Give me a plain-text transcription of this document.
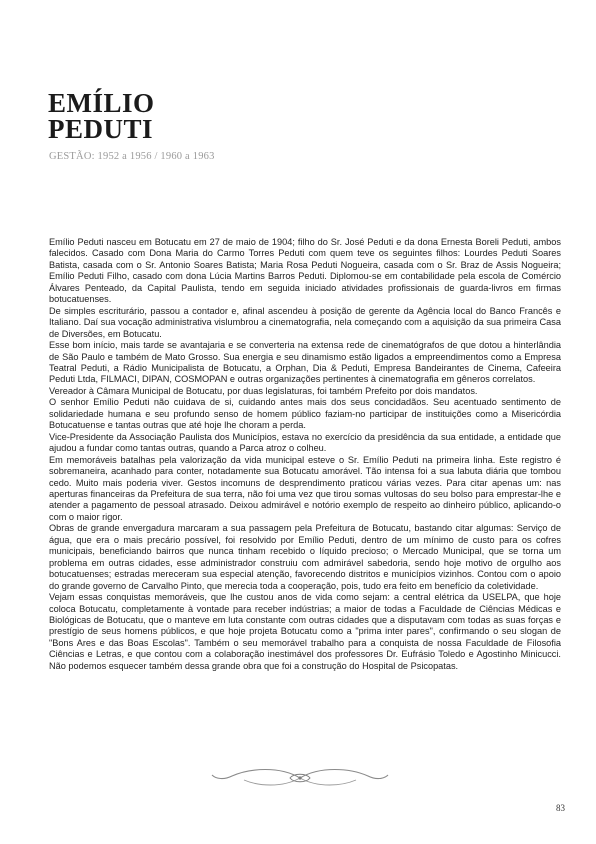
EMÍLIO
PEDUTI
GESTÃO: 1952 a 1956 / 1960 a 1963

Emílio Peduti nasceu em Botucatu em 27 de maio de 1904; filho do Sr. José Peduti e da dona Ernesta Boreli Peduti, ambos falecidos. Casado com Dona Maria do Carmo Torres Peduti com quem teve os seguintes filhos: Lourdes Peduti Soares Batista, casada com o Sr. Antonio Soares Batista; Maria Rosa Peduti Nogueira, casada com o Sr. Braz de Assis Nogueira; Emílio Peduti Filho, casado com dona Lúcia Martins Barros Peduti. Diplomou-se em contabilidade pela escola de Comércio Álvares Penteado, da Capital Paulista, tendo em seguida iniciado atividades profissionais de guarda-livros em firmas botucatuenses.

De simples escriturário, passou a contador e, afinal ascendeu à posição de gerente da Agência local do Banco Francês e Italiano. Daí sua vocação administrativa vislumbrou a cinematografia, nela começando com a aquisição da sua primeira Casa de Diversões, em Botucatu.

Esse bom início, mais tarde se avantajaria e se converteria na extensa rede de cinematógrafos de que dotou a hinterlândia de São Paulo e também de Mato Grosso. Sua energia e seu dinamismo estão ligados a empreendimentos como a Empresa Teatral Peduti, a Rádio Municipalista de Botucatu, a Orphan, Dia & Peduti, Empresa Bandeirantes de Cinema, Cafeeira Peduti Ltda, FILMACI, DIPAN, COSMOPAN e outras organizações pertinentes à cinematografia em gêneros correlatos.

Vereador à Câmara Municipal de Botucatu, por duas legislaturas, foi também Prefeito por dois mandatos.

O senhor Emílio Peduti não cuidava de si, cuidando antes mais dos seus concidadãos. Seu acentuado sentimento de solidariedade humana e seu profundo senso de homem público faziam-no participar de instituições como a Misericórdia Botucatuense e tantas outras que até hoje lhe choram a perda.

Vice-Presidente da Associação Paulista dos Municípios, estava no exercício da presidência da sua entidade, a entidade que ajudou a fundar como tantas outras, quando a Parca atroz o colheu.

Em memoráveis batalhas pela valorização da vida municipal esteve o Sr. Emílio Peduti na primeira linha. Este registro é sobremaneira, acanhado para conter, notadamente sua Botucatu amorável. Tão intensa foi a sua labuta diária que tombou cedo. Muito mais poderia viver. Gestos incomuns de desprendimento praticou várias vezes. Para citar apenas um: nas aperturas financeiras da Prefeitura de sua terra, não foi uma vez que tirou somas vultosas do seu bolso para emprestar-lhe e atender a pagamento de pessoal atrasado. Deixou admirável e notório exemplo de respeito ao dinheiro público, aplicando-o com o maior rigor.

Obras de grande envergadura marcaram a sua passagem pela Prefeitura de Botucatu, bastando citar algumas: Serviço de água, que era o mais precário possível, foi resolvido por Emílio Peduti, dentro de um mínimo de custo para os cofres municipais, beneficiando bairros que nunca tinham recebido o líquido precioso; o Mercado Municipal, que se torna um problema em outras cidades, esse administrador construiu com admirável sabedoria, sendo hoje motivo de orgulho aos botucatuenses; estradas mereceram sua especial atenção, favorecendo distritos e municípios vizinhos. Contou com o apoio do grande governo de Carvalho Pinto, que merecia toda a cooperação, pois, tudo era feito em benefício da coletividade.

Vejam essas conquistas memoráveis, que lhe custou anos de vida como sejam: a central elétrica da USELPA, que hoje coloca Botucatu, completamente à vontade para receber indústrias; a maior de todas a Faculdade de Ciências Médicas e Biológicas de Botucatu, que o manteve em luta constante com outras cidades que a disputavam com todas as suas forças e prestígio de seus homens públicos, e que hoje projeta Botucatu como a "prima inter pares", confirmando o seu slogan de "Bons Ares e das Boas Escolas". Também o seu memorável trabalho para a conquista de nossa Faculdade de Filosofia Ciências e Letras, e que contou com a colaboração inestimável dos professores Dr. Eufrásio Toledo e Agostinho Minicucci. Não podemos esquecer também dessa grande obra que foi a construção do Hospital de Psicopatas.

83
